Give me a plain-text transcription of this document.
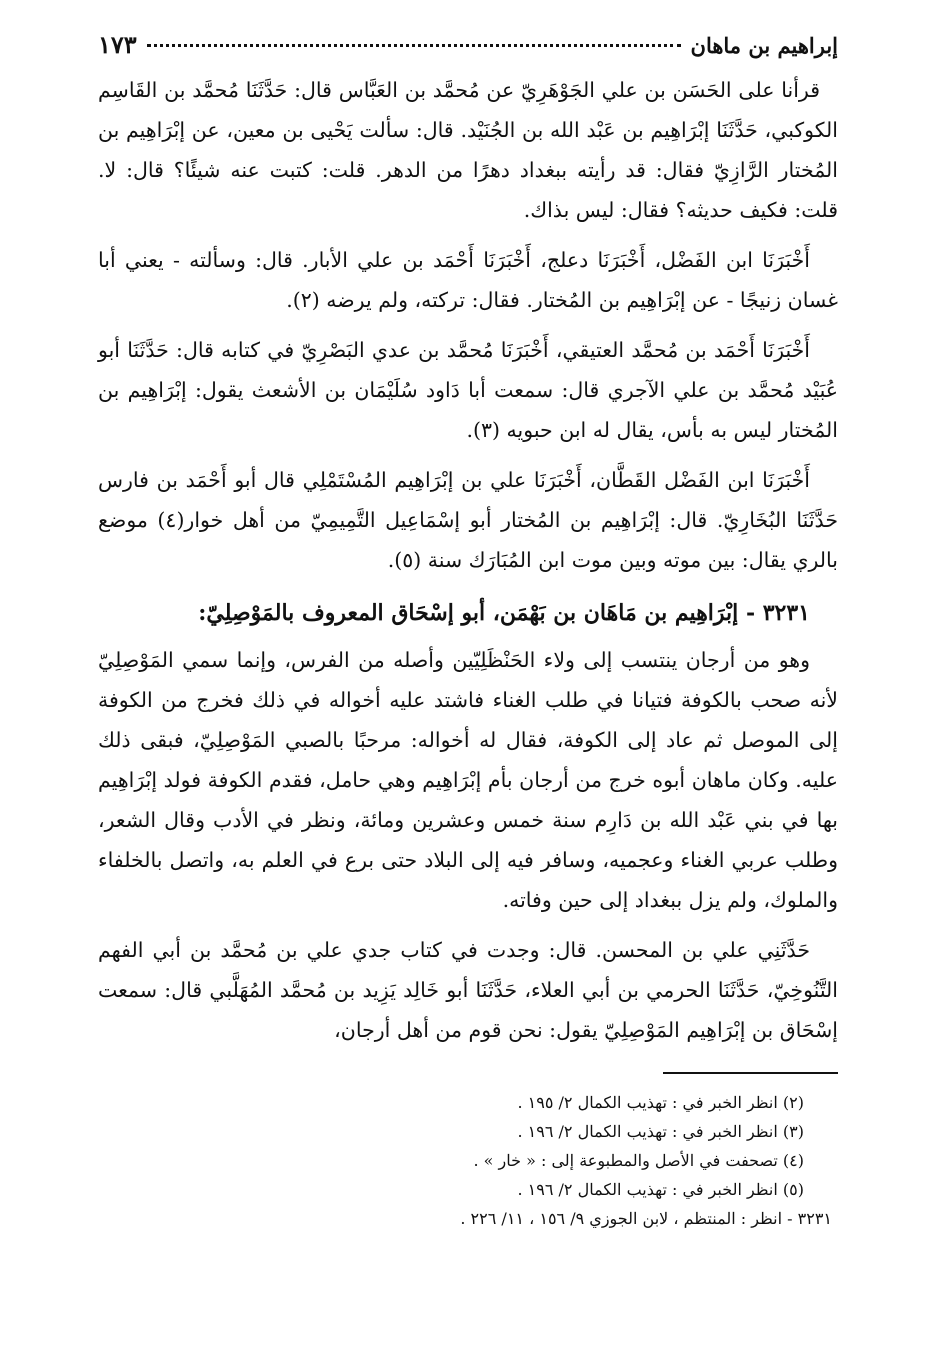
إبراهيم بن ماهان
١٧٣

قرأنا على الحَسَن بن علي الجَوْهَرِيّ عن مُحمَّد بن العَبَّاس قال: حَدَّثَنَا مُحمَّد بن القَاسِم الكوكبي، حَدَّثَنَا إبْرَاهِيم بن عَبْد الله بن الجُنَيْد. قال: سألت يَحْيى بن معين، عن إبْرَاهِيم بن المُختار الرَّازِيّ فقال: قد رأيته ببغداد دهرًا من الدهر. قلت: كتبت عنه شيئًا؟ قال: لا. قلت: فكيف حديثه؟ فقال: ليس بذاك.

أَخْبَرَنَا ابن الفَضْل، أَخْبَرَنَا دعلج، أَخْبَرَنَا أَحْمَد بن علي الأبار. قال: وسألته - يعني أبا غسان زنيجًا - عن إبْرَاهِيم بن المُختار. فقال: تركته، ولم يرضه (٢).

أَخْبَرَنَا أَحْمَد بن مُحمَّد العتيقي، أَخْبَرَنَا مُحمَّد بن عدي البَصْرِيّ في كتابه قال: حَدَّثَنَا أبو عُبَيْد مُحمَّد بن علي الآجري قال: سمعت أبا دَاود سُلَيْمَان بن الأشعث يقول: إبْرَاهِيم بن المُختار ليس به بأس، يقال له ابن حبويه (٣).

أَخْبَرَنَا ابن الفَضْل القَطَّان، أَخْبَرَنَا علي بن إبْرَاهِيم المُسْتَمْلِي قال أبو أَحْمَد بن فارس حَدَّثَنَا البُخَارِيّ. قال: إبْرَاهِيم بن المُختار أبو إسْمَاعِيل التَّمِيمِيّ من أهل خوار(٤) موضع بالري يقال: بين موته وبين موت ابن المُبَارَك سنة (٥).

٣٢٣١ - إبْرَاهِيم بن مَاهَان بن بَهْمَن، أبو إسْحَاق المعروف بالمَوْصِلِيّ:

وهو من أرجان ينتسب إلى ولاء الحَنْظَلِيّين وأصله من الفرس، وإنما سمي المَوْصِلِيّ لأنه صحب بالكوفة فتيانا في طلب الغناء فاشتد عليه أخواله في ذلك فخرج من الكوفة إلى الموصل ثم عاد إلى الكوفة، فقال له أخواله: مرحبًا بالصبي المَوْصِلِيّ، فبقى ذلك عليه. وكان ماهان أبوه خرج من أرجان بأم إبْرَاهِيم وهي حامل، فقدم الكوفة فولد إبْرَاهِيم بها في بني عَبْد الله بن دَارِم سنة خمس وعشرين ومائة، ونظر في الأدب وقال الشعر، وطلب عربي الغناء وعجميه، وسافر فيه إلى البلاد حتى برع في العلم به، واتصل بالخلفاء والملوك، ولم يزل ببغداد إلى حين وفاته.

حَدَّثَنِي علي بن المحسن. قال: وجدت في كتاب جدي علي بن مُحمَّد بن أبي الفهم التَّنُوخِيّ، حَدَّثَنَا الحرمي بن أبي العلاء، حَدَّثَنَا أبو خَالِد يَزِيد بن مُحمَّد المُهَلَّبي قال: سمعت إسْحَاق بن إبْرَاهِيم المَوْصِلِيّ يقول: نحن قوم من أهل أرجان،

(٢) انظر الخبر في : تهذيب الكمال ٢/ ١٩٥ .
(٣) انظر الخبر في : تهذيب الكمال ٢/ ١٩٦ .
(٤) تصحفت في الأصل والمطبوعة إلى : « خار » .
(٥) انظر الخبر في : تهذيب الكمال ٢/ ١٩٦ .
٣٢٣١ - انظر : المنتظم ، لابن الجوزي ٩/ ١٥٦ ، ١١/ ٢٢٦ .
